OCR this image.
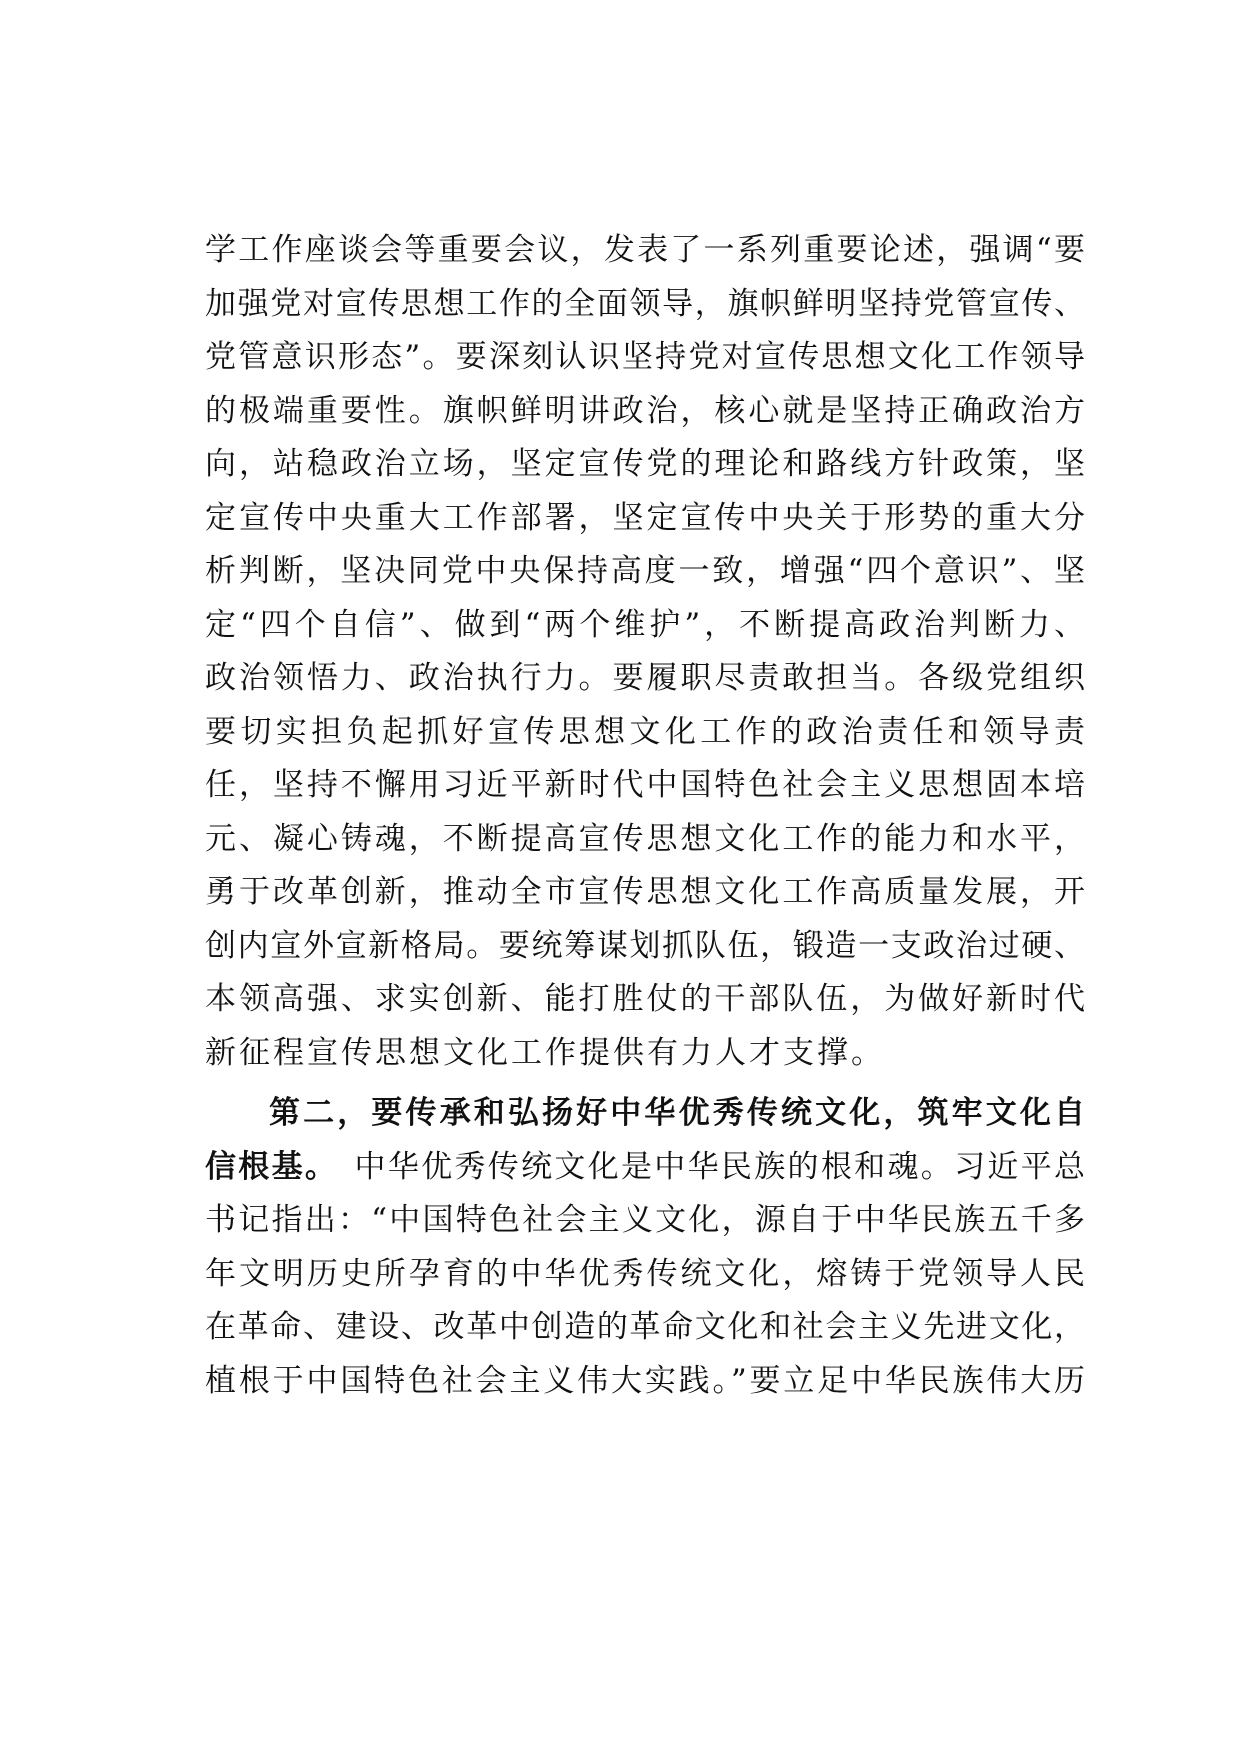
学工作座谈会等重要会议，发表了一系列重要论述，强调“要
加强党对宣传思想工作的全面领导，旗帜鲜明坚持党管宣传、
党管意识形态”。要深刻认识坚持党对宣传思想文化工作领导
的极端重要性。旗帜鲜明讲政治，核心就是坚持正确政治方
向，站稳政治立场，坚定宣传党的理论和路线方针政策，坚
定宣传中央重大工作部署，坚定宣传中央关于形势的重大分
析判断，坚决同党中央保持高度一致，增强“四个意识”、坚
定“四个自信”、做到“两个维护”，不断提高政治判断力、
政治领悟力、政治执行力。要履职尽责敢担当。各级党组织
要切实担负起抓好宣传思想文化工作的政治责任和领导责
任，坚持不懈用习近平新时代中国特色社会主义思想固本培
元、凝心铸魂，不断提高宣传思想文化工作的能力和水平，
勇于改革创新，推动全市宣传思想文化工作高质量发展，开
创内宣外宣新格局。要统筹谋划抓队伍，锻造一支政治过硬、
本领高强、求实创新、能打胜仗的干部队伍，为做好新时代
新征程宣传思想文化工作提供有力人才支撑。
第二，要传承和弘扬好中华优秀传统文化，筑牢文化自
信根基。 中华优秀传统文化是中华民族的根和魂。习近平总
书记指出：“中国特色社会主义文化，源自于中华民族五千多
年文明历史所孕育的中华优秀传统文化，熔铸于党领导人民
在革命、建设、改革中创造的革命文化和社会主义先进文化，
植根于中国特色社会主义伟大实践。”要立足中华民族伟大历
